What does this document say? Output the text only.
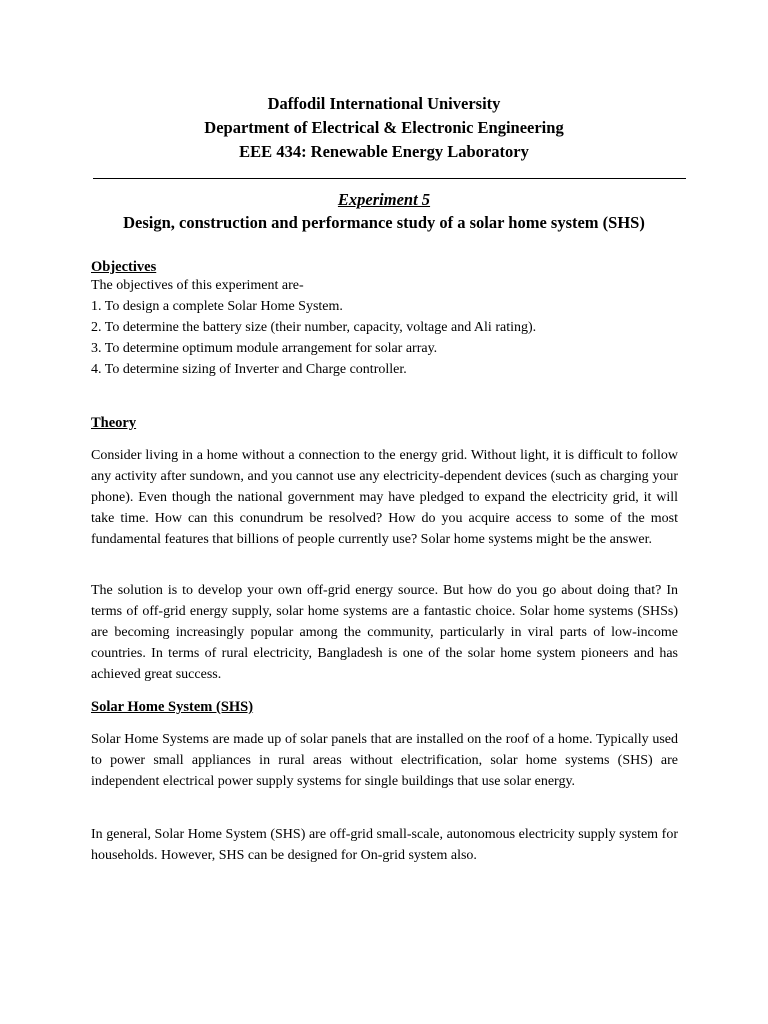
Daffodil International University
Department of Electrical & Electronic Engineering
EEE 434: Renewable Energy Laboratory
Experiment 5
Design, construction and performance study of a solar home system (SHS)
Objectives
The objectives of this experiment are-
1. To design a complete Solar Home System.
2. To determine the battery size (their number, capacity, voltage and Ali rating).
3. To determine optimum module arrangement for solar array.
4. To determine sizing of Inverter and Charge controller.
Theory
Consider living in a home without a connection to the energy grid. Without light, it is difficult to follow any activity after sundown, and you cannot use any electricity-dependent devices (such as charging your phone). Even though the national government may have pledged to expand the electricity grid, it will take time. How can this conundrum be resolved? How do you acquire access to some of the most fundamental features that billions of people currently use? Solar home systems might be the answer.
The solution is to develop your own off-grid energy source. But how do you go about doing that? In terms of off-grid energy supply, solar home systems are a fantastic choice. Solar home systems (SHSs) are becoming increasingly popular among the community, particularly in viral parts of low-income countries. In terms of rural electricity, Bangladesh is one of the solar home system pioneers and has achieved great success.
Solar Home System (SHS)
Solar Home Systems are made up of solar panels that are installed on the roof of a home. Typically used to power small appliances in rural areas without electrification, solar home systems (SHS) are independent electrical power supply systems for single buildings that use solar energy.
In general, Solar Home System (SHS) are off-grid small-scale, autonomous electricity supply system for households. However, SHS can be designed for On-grid system also.
